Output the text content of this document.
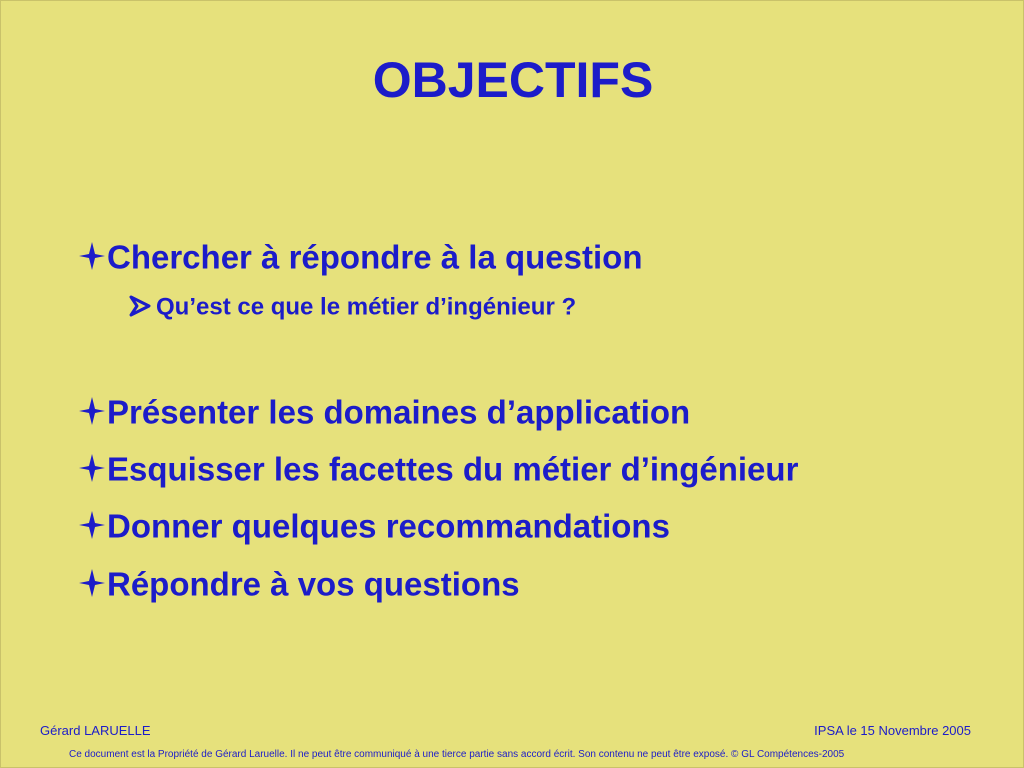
OBJECTIFS
Chercher à répondre à la question
Qu’est ce que le métier d’ingénieur ?
Présenter les domaines d’application
Esquisser les facettes du métier d’ingénieur
Donner quelques recommandations
Répondre à vos questions
Gérard LARUELLE	IPSA le 15 Novembre 2005
Ce document est la Propriété de Gérard Laruelle. Il ne peut être communiqué à une tierce partie sans accord écrit. Son contenu ne peut être exposé. © GL Compétences-2005
